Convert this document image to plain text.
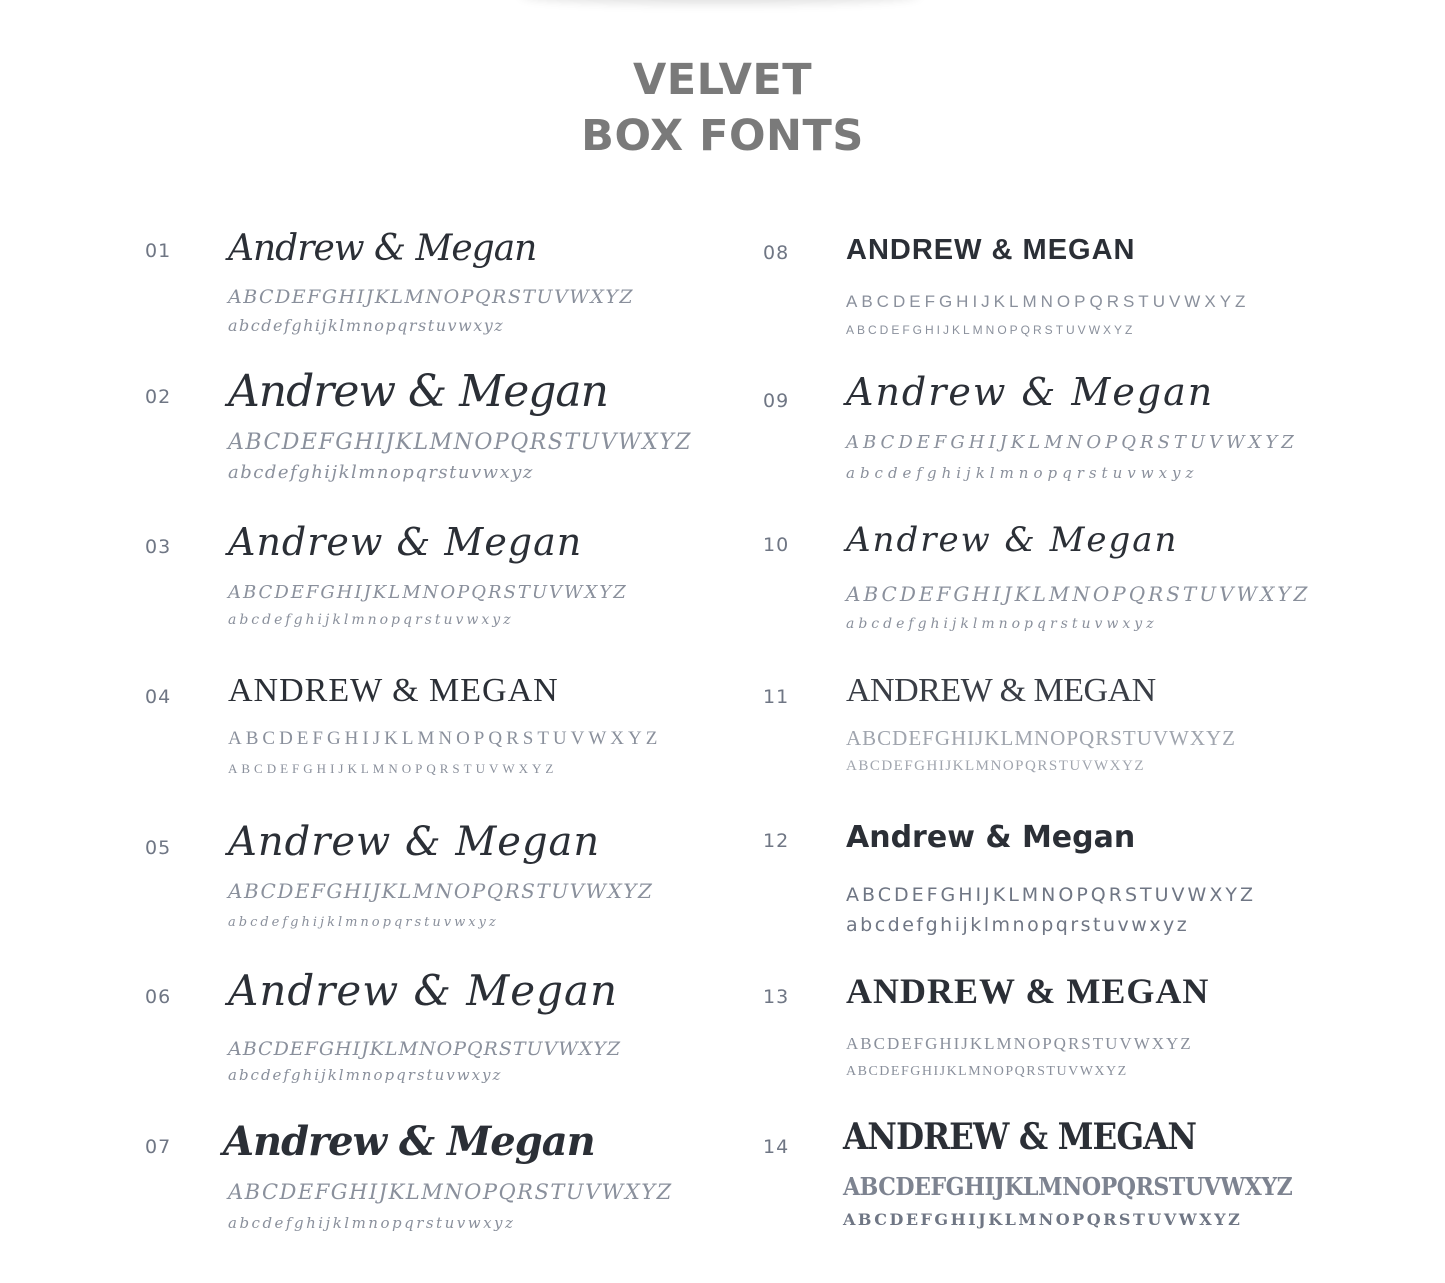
VELVET
BOX FONTS
01 Andrew & Megan
ABCDEFGHIJKLMNOPQRSTUVWXYZ
abcdefghijklmnopqrstuvwxyz
02 Andrew & Megan
ABCDEFGHIJKLMNOPQRSTUVWXYZ
abcdefghijklmnopqrstuvwxyz
03 Andrew & Megan
ABCDEFGHIJKLMNOPQRSTUVWXYZ
abcdefghijklmnopqrstuvwxyz
04 ANDREW & MEGAN
ABCDEFGHIJKLMNOPQRSTUVWXYZ
ABCDEFGHIJKLMNOPQRSTUVWXYZ
05 Andrew & Megan
ABCDEFGHIJKLMNOPQRSTUVWXYZ
abcdefghijklmnopqrstuvwxyz
06 Andrew & Megan
ABCDEFGHIJKLMNOPQRSTUVWXYZ
abcdefghijklmnopqrstuvwxyz
07 Andrew & Megan
ABCDEFGHIJKLMNOPQRSTUVWXYZ
abcdefghijklmnopqrstuvwxyz
08 ANDREW & MEGAN
ABCDEFGHIJKLMNOPQRSTUVWXYZ
ABCDEFGHIJKLMNOPQRSTUVWXYZ
09 Andrew & Megan
ABCDEFGHIJKLMNOPQRSTUVWXYZ
abcdefghijklmnopqrstuvwxyz
10 Andrew & Megan
ABCDEFGHIJKLMNOPQRSTUVWXYZ
abcdefghijklmnopqrstuvwxyz
11 ANDREW & MEGAN
ABCDEFGHIJKLMNOPQRSTUVWXYZ
ABCDEFGHIJKLMNOPQRSTUVWXYZ
12 Andrew & Megan
ABCDEFGHIJKLMNOPQRSTUVWXYZ
abcdefghijklmnopqrstuvwxyz
13 ANDREW & MEGAN
ABCDEFGHIJKLMNOPQRSTUVWXYZ
ABCDEFGHIJKLMNOPQRSTUVWXYZ
14 ANDREW & MEGAN
ABCDEFGHIJKLMNOPQRSTUVWXYZ
ABCDEFGHIJKLMNOPQRSTUVWXYZ
